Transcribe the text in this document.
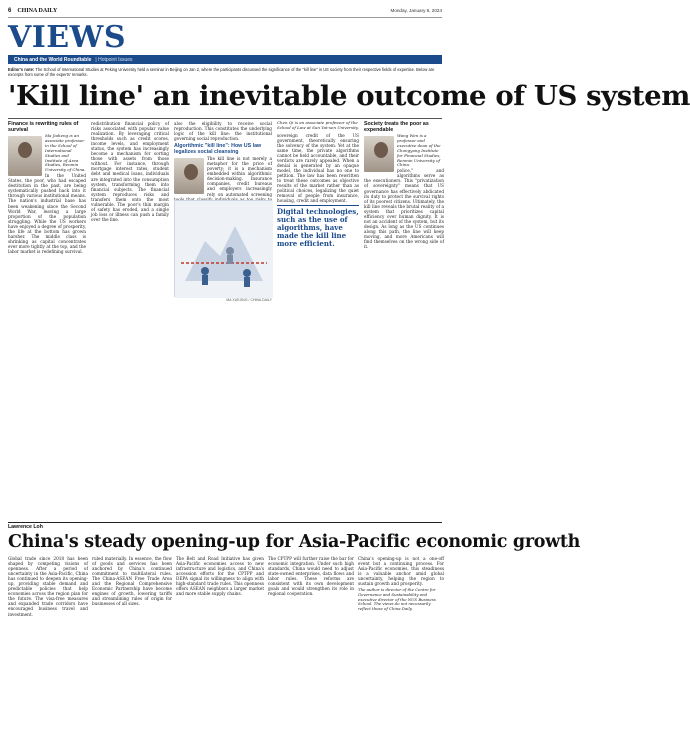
6 CHINA DAILY	Monday, January 8, 2024
VIEWS
China and the World Roundtable | Hotpoint Issues
Editor's note: The School of International Studies at Peking University held a seminar in Beijing on Jan 2, where the participants discussed the significance of the "kill line" in US society from their respective fields of expertise. Below are excerpts from some of the experts' remarks.
'Kill line' an inevitable outcome of US system
Finance is rewriting rules of survival
Ma Jiaheng is an associate professor in the School of International Studies and Institute of Area Studies, Renmin University of China.

In the United States, the poor, who had escaped destitution in the past, are being systematically pushed back into it through various institutional means. The nation's industrial base has been weakening since the Second World War, leaving a large proportion of the population struggling. While the US workers have enjoyed a degree of prosperity, the life at the bottom has grown harsher. The middle class is shrinking as capital concentrates ever more tightly at the top, and the labor market is redefining survival.

redistribution financial policy of risks associated with popular value realization. By leveraging critical thresholds such as credit scores, income levels, and employment status, the system has increasingly become a mechanism for sorting those with assets from those without. For instance, through mortgage interest rates, student debt and medical loans, individuals are integrated into the consumption system, transforming them into financial subjects. The financial system reproduces risks and transfers them onto the most vulnerable. The poor's thin margin of safety has eroded, and a single job loss or illness can push a family over the line.

also the eligibility to receive social reproduction. This constitutes the underlying logic of the kill line: the institutional governing social reproduction.

Algorithmic "kill line": How US law legalizes social cleansing

The kill line is not merely a metaphor for the price of poverty; it is a mechanism embedded within algorithmic decision-making. Insurance companies, credit bureaus and employers increasingly rely on automated screening

MA XUEJING / CHINA DAILY
Chen Qi is an associate professor of the School of Law at Sun Yat-sen University.

sovereign credit of the US government, theoretically ensuring the solvency of the system. Yet at the same time, the private algorithms cannot be held accountable, and their verdicts are rarely appealed. When a denial is generated by an opaque model, the individual has no one to petition. The law has been rewritten to treat these outcomes as objective results of the market rather than as political choices, legalizing the quiet removal of people from insurance, housing, credit and employment.

Digital technologies, such as the use of algorithms, have made the kill line more efficient.
Society treats the poor as expendable
Wang Wen is a professor and executive dean of the Chongyang Institute for Financial Studies, Renmin University of China.

police," and algorithms serve as the executioners. This "privatization of sovereignty" means that US governance has effectively abdicated its duty to protect the survival rights of its poorest citizens. Ultimately, the kill line reveals the brutal reality of a system that prioritizes capital efficiency over human dignity. It is not an accident of the system, but its design. As long as the US continues along this path, the line will keep moving, and more Americans will find themselves on the wrong side of it.

Lawrence Loh
China's steady opening-up for Asia-Pacific economic growth

Global trade since 2018 has been shaped by competing visions of openness. After a period of uncertainty in the Asia-Pacific, China has continued to deepen its opening-up, providing stable demand and predictable policies that help economies across the region plan for the future. The visa-free measures and expanded trade corridors have encouraged business travel and investment.

ruled materially. In essence, the flow of goods and services has been anchored by China's continued commitment to multilateral rules. The China-ASEAN Free Trade Area and the Regional Comprehensive Economic Partnership have become engines of growth, lowering tariffs and streamlining rules of origin for businesses of all sizes.

The Belt and Road Initiative has given Asia-Pacific economies access to new infrastructure and logistics, and China's accession efforts for the CPTPP and DEPA signal its willingness to align with high-standard trade rules. This openness offers ASEAN neighbors a larger market and more stable supply chains.

The CPTPP will further raise the bar for economic integration. Under such high standards, China would need to adjust state-owned enterprises, data flows and labor rules. These reforms are consistent with its own development goals and would strengthen its role in regional cooperation.

China's opening-up is not a one-off event but a continuing process. For Asia-Pacific economies, this steadiness is a valuable anchor amid global uncertainty, helping the region to sustain growth and prosperity.

The author is director of the Centre for Governance and Sustainability and executive director of the NUS Business School. The views do not necessarily reflect those of China Daily.
